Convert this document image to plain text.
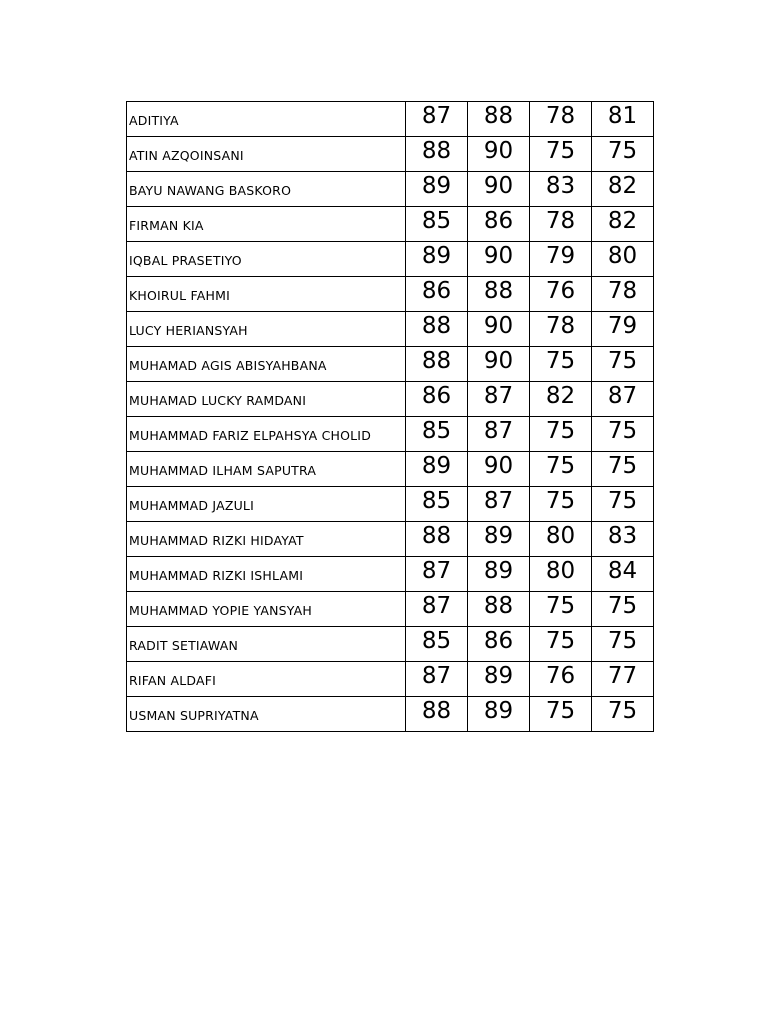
ADITIYA	87	88	78	81
ATIN AZQOINSANI	88	90	75	75
BAYU NAWANG BASKORO	89	90	83	82
FIRMAN KIA	85	86	78	82
IQBAL PRASETIYO	89	90	79	80
KHOIRUL FAHMI	86	88	76	78
LUCY HERIANSYAH	88	90	78	79
MUHAMAD AGIS ABISYAHBANA	88	90	75	75
MUHAMAD LUCKY RAMDANI	86	87	82	87
MUHAMMAD FARIZ ELPAHSYA CHOLID	85	87	75	75
MUHAMMAD ILHAM SAPUTRA	89	90	75	75
MUHAMMAD JAZULI	85	87	75	75
MUHAMMAD RIZKI HIDAYAT	88	89	80	83
MUHAMMAD RIZKI ISHLAMI	87	89	80	84
MUHAMMAD YOPIE YANSYAH	87	88	75	75
RADIT SETIAWAN	85	86	75	75
RIFAN ALDAFI	87	89	76	77
USMAN SUPRIYATNA	88	89	75	75
